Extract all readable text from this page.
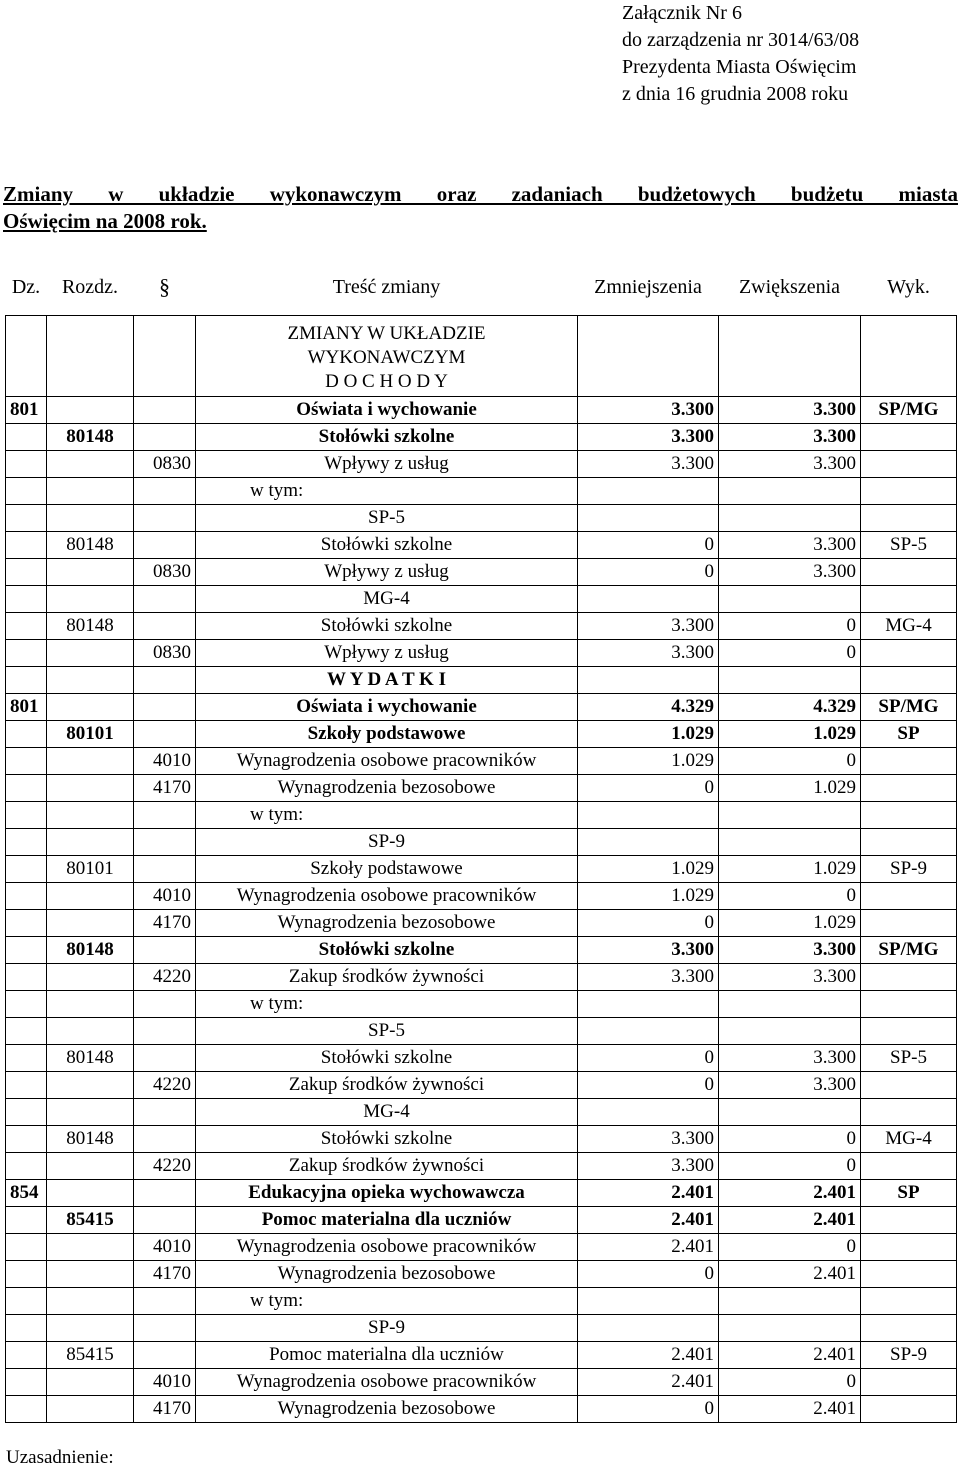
Załącznik Nr 6
do zarządzenia nr 3014/63/08
Prezydenta Miasta Oświęcim
z dnia 16 grudnia 2008 roku
Zmiany w układzie wykonawczym oraz zadaniach budżetowych budżetu miasta
Oświęcim na 2008 rok.
Dz.	Rozdz.	§	Treść zmiany	Zmniejszenia	Zwiększenia	Wyk.

			ZMIANY W UKŁADZIE
WYKONAWCZYM
D O C H O D Y			

801			Oświata i wychowanie	3.300	3.300	SP/MG
	80148		Stołówki szkolne	3.300	3.300	
		0830	Wpływy z usług	3.300	3.300	
			w tym:			
			SP-5			
	80148		Stołówki szkolne	0	3.300	SP-5
		0830	Wpływy z usług	0	3.300	
			MG-4			
	80148		Stołówki szkolne	3.300	0	MG-4
		0830	Wpływy z usług	3.300	0	
			W Y D A T K I			
801			Oświata i wychowanie	4.329	4.329	SP/MG
	80101		Szkoły podstawowe	1.029	1.029	SP
		4010	Wynagrodzenia osobowe pracowników	1.029	0	
		4170	Wynagrodzenia bezosobowe	0	1.029	
			w tym:			
			SP-9			
	80101		Szkoły podstawowe	1.029	1.029	SP-9
		4010	Wynagrodzenia osobowe pracowników	1.029	0	
		4170	Wynagrodzenia bezosobowe	0	1.029	
	80148		Stołówki szkolne	3.300	3.300	SP/MG
		4220	Zakup środków żywności	3.300	3.300	
			w tym:			
			SP-5			
	80148		Stołówki szkolne	0	3.300	SP-5
		4220	Zakup środków żywności	0	3.300	
			MG-4			
	80148		Stołówki szkolne	3.300	0	MG-4
		4220	Zakup środków żywności	3.300	0	
854			Edukacyjna opieka wychowawcza	2.401	2.401	SP
	85415		Pomoc materialna dla uczniów	2.401	2.401	
		4010	Wynagrodzenia osobowe pracowników	2.401	0	
		4170	Wynagrodzenia bezosobowe	0	2.401	
			w tym:			
			SP-9			
	85415		Pomoc materialna dla uczniów	2.401	2.401	SP-9
		4010	Wynagrodzenia osobowe pracowników	2.401	0	
		4170	Wynagrodzenia bezosobowe	0	2.401	
Uzasadnienie:
